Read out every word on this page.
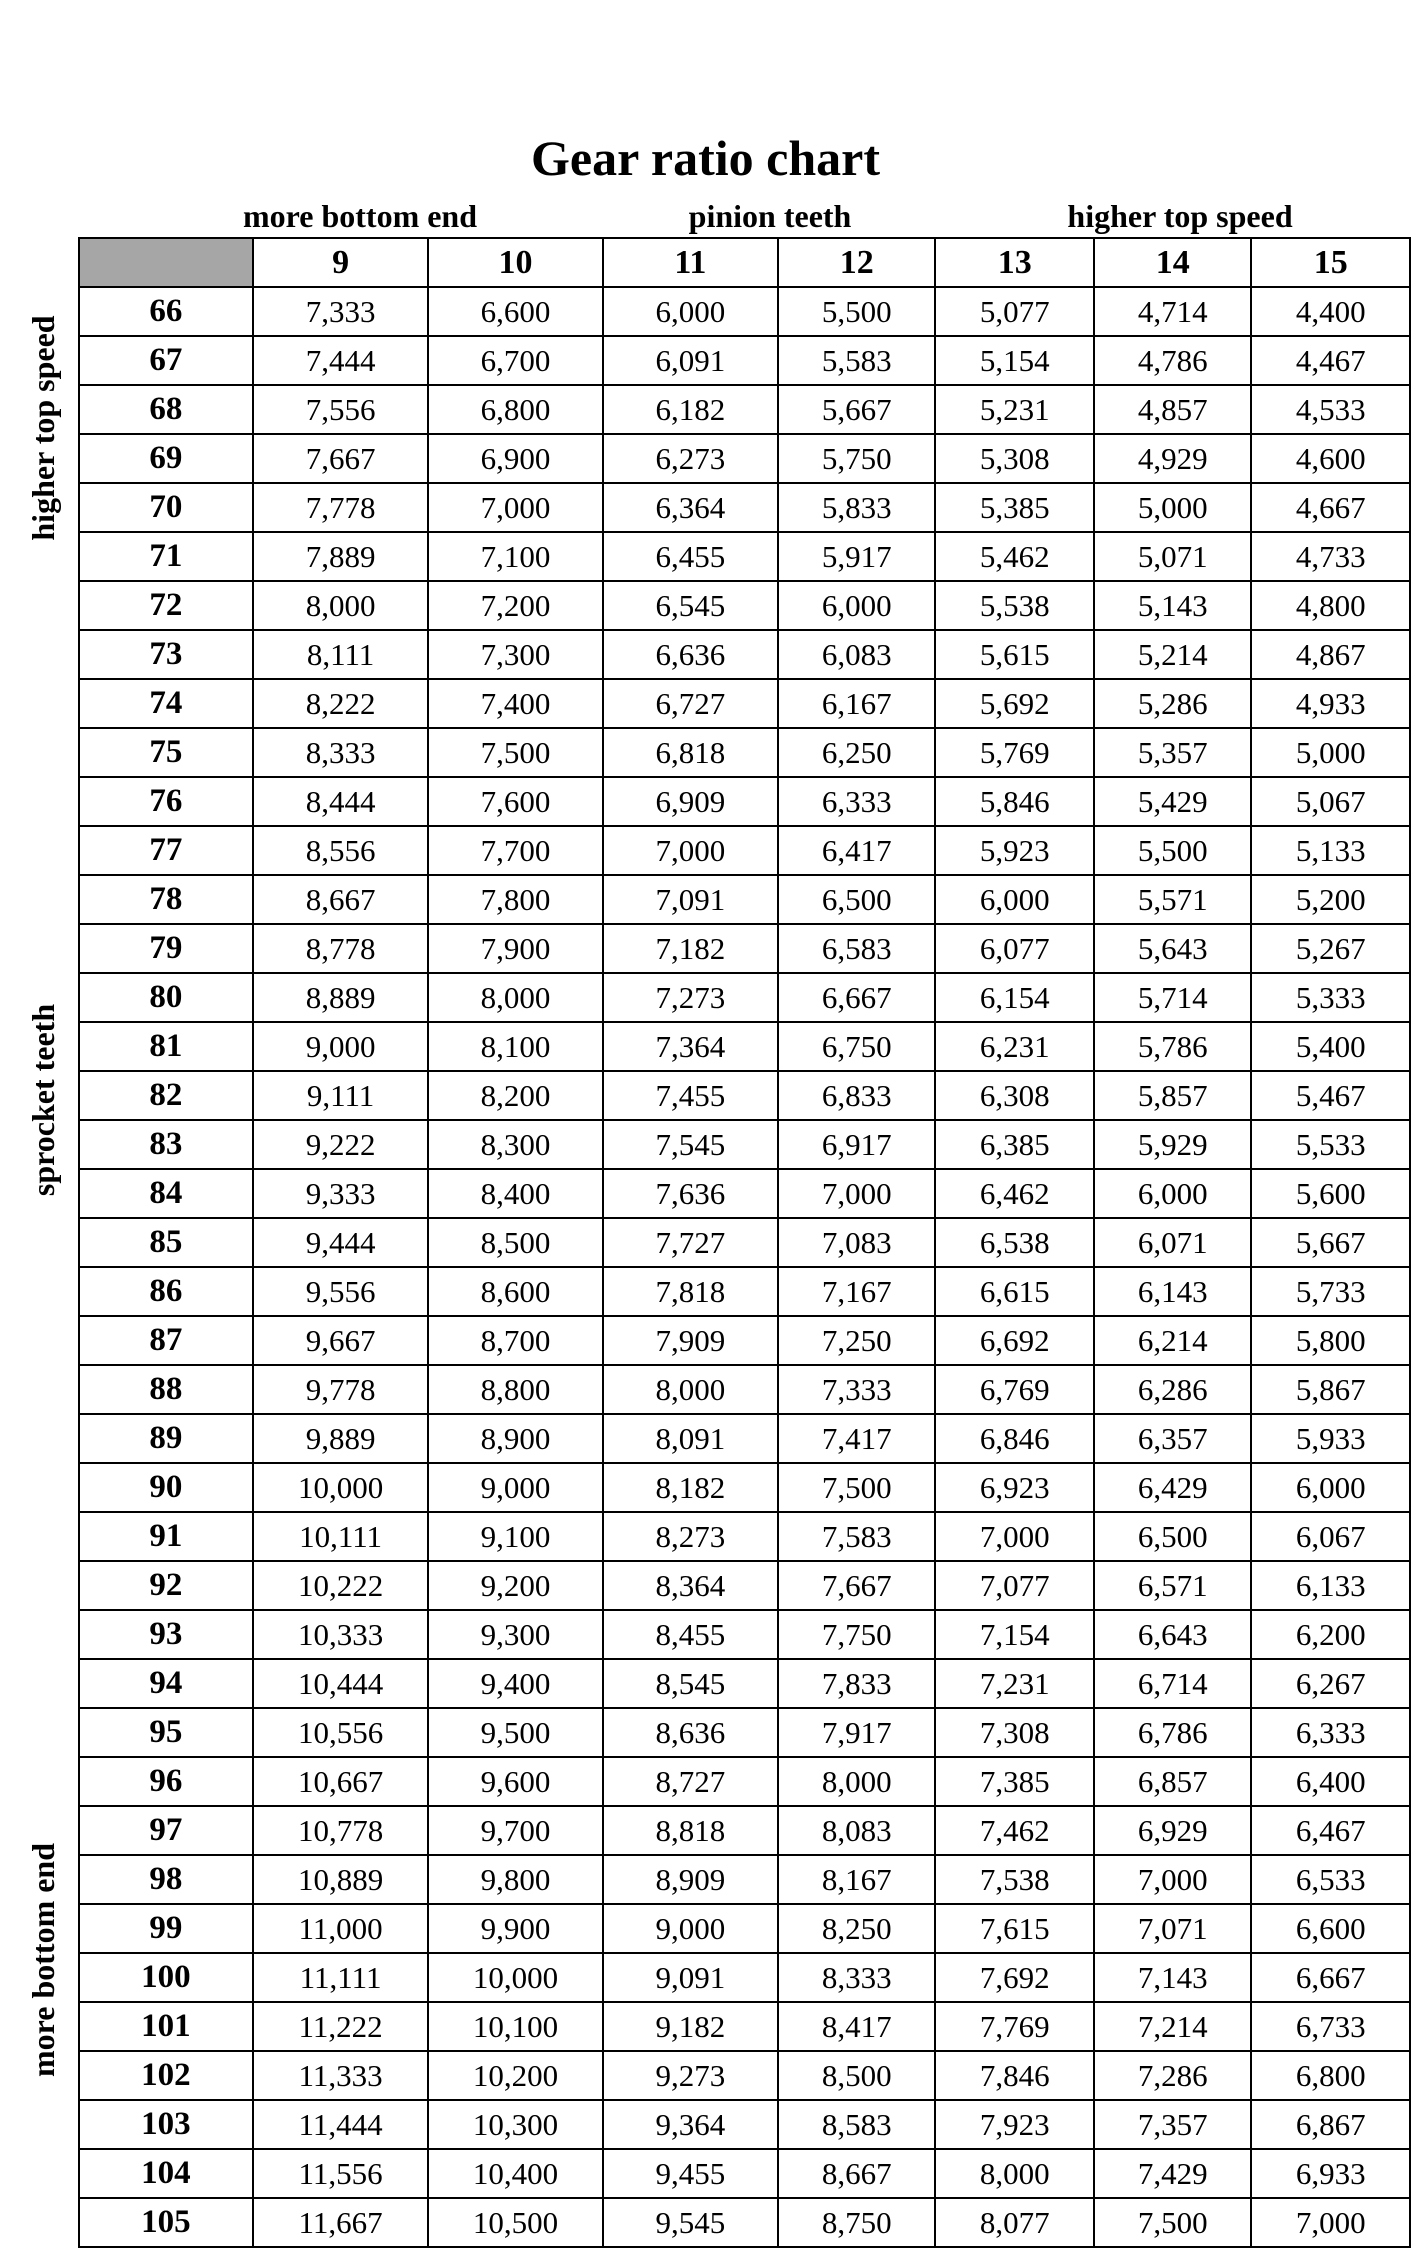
Gear ratio chart
more bottom end	pinion teeth	higher top speed
higher top speed
sprocket teeth
more bottom end
	9	10	11	12	13	14	15
66	7,333	6,600	6,000	5,500	5,077	4,714	4,400
67	7,444	6,700	6,091	5,583	5,154	4,786	4,467
68	7,556	6,800	6,182	5,667	5,231	4,857	4,533
69	7,667	6,900	6,273	5,750	5,308	4,929	4,600
70	7,778	7,000	6,364	5,833	5,385	5,000	4,667
71	7,889	7,100	6,455	5,917	5,462	5,071	4,733
72	8,000	7,200	6,545	6,000	5,538	5,143	4,800
73	8,111	7,300	6,636	6,083	5,615	5,214	4,867
74	8,222	7,400	6,727	6,167	5,692	5,286	4,933
75	8,333	7,500	6,818	6,250	5,769	5,357	5,000
76	8,444	7,600	6,909	6,333	5,846	5,429	5,067
77	8,556	7,700	7,000	6,417	5,923	5,500	5,133
78	8,667	7,800	7,091	6,500	6,000	5,571	5,200
79	8,778	7,900	7,182	6,583	6,077	5,643	5,267
80	8,889	8,000	7,273	6,667	6,154	5,714	5,333
81	9,000	8,100	7,364	6,750	6,231	5,786	5,400
82	9,111	8,200	7,455	6,833	6,308	5,857	5,467
83	9,222	8,300	7,545	6,917	6,385	5,929	5,533
84	9,333	8,400	7,636	7,000	6,462	6,000	5,600
85	9,444	8,500	7,727	7,083	6,538	6,071	5,667
86	9,556	8,600	7,818	7,167	6,615	6,143	5,733
87	9,667	8,700	7,909	7,250	6,692	6,214	5,800
88	9,778	8,800	8,000	7,333	6,769	6,286	5,867
89	9,889	8,900	8,091	7,417	6,846	6,357	5,933
90	10,000	9,000	8,182	7,500	6,923	6,429	6,000
91	10,111	9,100	8,273	7,583	7,000	6,500	6,067
92	10,222	9,200	8,364	7,667	7,077	6,571	6,133
93	10,333	9,300	8,455	7,750	7,154	6,643	6,200
94	10,444	9,400	8,545	7,833	7,231	6,714	6,267
95	10,556	9,500	8,636	7,917	7,308	6,786	6,333
96	10,667	9,600	8,727	8,000	7,385	6,857	6,400
97	10,778	9,700	8,818	8,083	7,462	6,929	6,467
98	10,889	9,800	8,909	8,167	7,538	7,000	6,533
99	11,000	9,900	9,000	8,250	7,615	7,071	6,600
100	11,111	10,000	9,091	8,333	7,692	7,143	6,667
101	11,222	10,100	9,182	8,417	7,769	7,214	6,733
102	11,333	10,200	9,273	8,500	7,846	7,286	6,800
103	11,444	10,300	9,364	8,583	7,923	7,357	6,867
104	11,556	10,400	9,455	8,667	8,000	7,429	6,933
105	11,667	10,500	9,545	8,750	8,077	7,500	7,000
